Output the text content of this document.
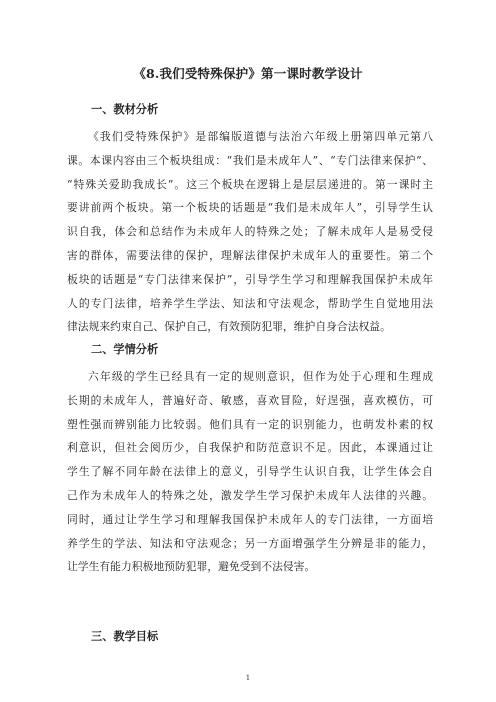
《8.我们受特殊保护》第一课时教学设计
一、教材分析
《我们受特殊保护》是部编版道德与法治六年级上册第四单元第八
课。本课内容由三个板块组成：“我们是未成年人”、“专门法律来保护”、
“特殊关爱助我成长”。这三个板块在逻辑上是层层递进的。第一课时主
要讲前两个板块。第一个板块的话题是“我们是未成年人”，引导学生认
识自我，体会和总结作为未成年人的特殊之处；了解未成年人是易受侵
害的群体，需要法律的保护，理解法律保护未成年人的重要性。第二个
板块的话题是“专门法律来保护”，引导学生学习和理解我国保护未成年
人的专门法律，培养学生学法、知法和守法观念，帮助学生自觉地用法
律法规来约束自己、保护自己，有效预防犯罪，维护自身合法权益。
二、学情分析
六年级的学生已经具有一定的规则意识，但作为处于心理和生理成
长期的未成年人，普遍好奇、敏感，喜欢冒险，好逞强，喜欢模仿，可
塑性强而辨别能力比较弱。他们具有一定的识别能力，也萌发朴素的权
利意识，但社会阅历少，自我保护和防范意识不足。因此，本课通过让
学生了解不同年龄在法律上的意义，引导学生认识自我，让学生体会自
己作为未成年人的特殊之处，激发学生学习保护未成年人法律的兴趣。
同时，通过让学生学习和理解我国保护未成年人的专门法律，一方面培
养学生的学法、知法和守法观念；另一方面增强学生分辨是非的能力，
让学生有能力积极地预防犯罪，避免受到不法侵害。
三、教学目标
1
